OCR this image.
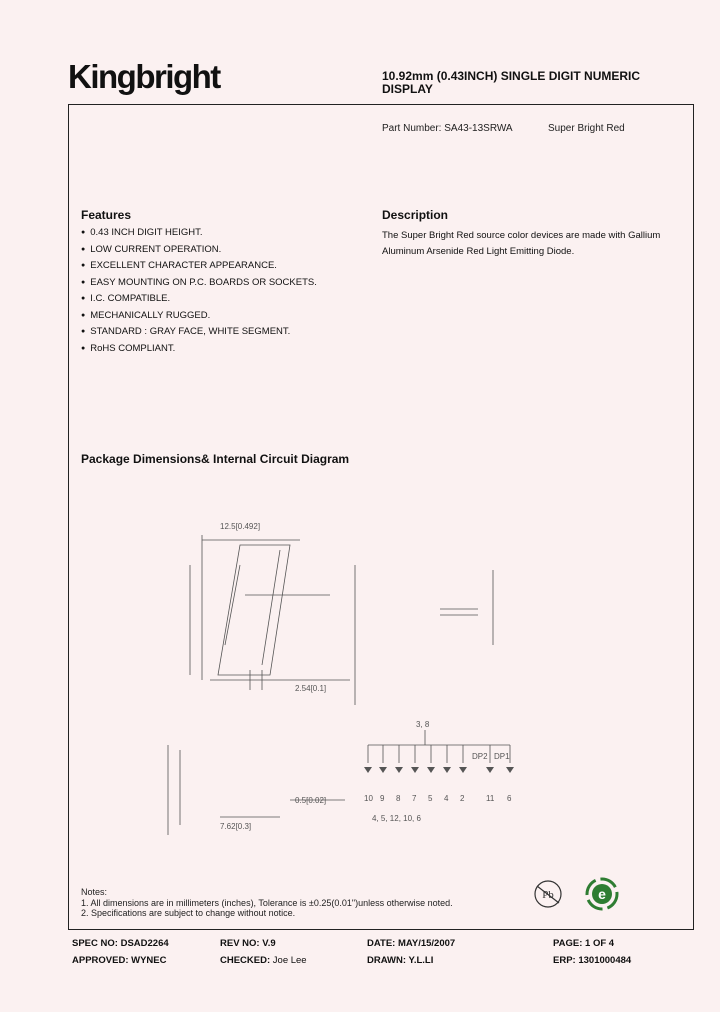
Kingbright	10.92mm (0.43INCH) SINGLE DIGIT NUMERIC DISPLAY
Part Number: SA43-13SRWA	Super Bright Red
Features
● 0.43 INCH DIGIT HEIGHT.
● LOW CURRENT OPERATION.
● EXCELLENT CHARACTER APPEARANCE.
● EASY MOUNTING ON P.C. BOARDS OR SOCKETS.
● I.C. COMPATIBLE.
● MECHANICALLY RUGGED.
● STANDARD : GRAY FACE, WHITE SEGMENT.
● RoHS COMPLIANT.
Description
The Super Bright Red source color devices are made with Gallium Aluminum Arsenide Red Light Emitting Diode.
Package Dimensions& Internal Circuit Diagram
12.5[0.492]
0.5[0.02]
7.62[0.3]
2.54[0.1]
3, 8
DP2 DP1
10 9 8 7 5 4 2	11 6
4, 5, 12, 10, 6
Notes:
1. All dimensions are in millimeters (inches), Tolerance is ±0.25(0.01")unless otherwise noted.
2. Specifications are subject to change without notice.
Pb	e
SPEC NO: DSAD2264	REV NO: V.9	DATE: MAY/15/2007	PAGE: 1 OF 4
APPROVED: WYNEC	CHECKED: Joe Lee	DRAWN: Y.L.LI	ERP: 1301000484
